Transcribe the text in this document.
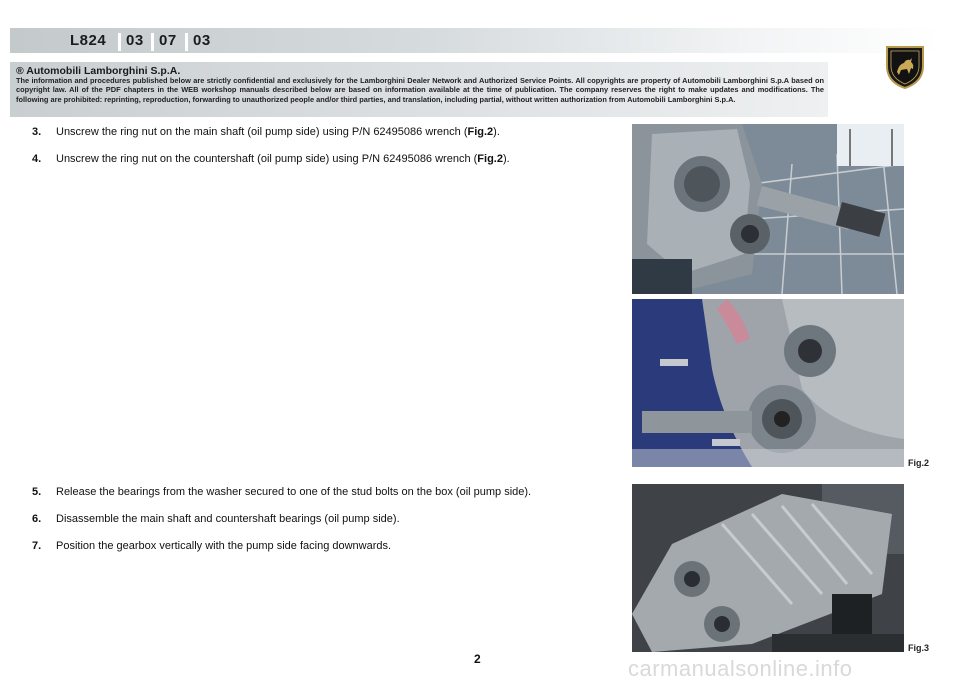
L824 03 07 03
® Automobili Lamborghini S.p.A.
The information and procedures published below are strictly confidential and exclusively for the Lamborghini Dealer Network and Authorized Service Points. All copyrights are property of Automobili Lamborghini S.p.A based on copyright law. All of the PDF chapters in the WEB workshop manuals described below are based on information available at the time of publication. The company reserves the right to make updates and modifications. The following are prohibited: reprinting, reproduction, forwarding to unauthorized people and/or third parties, and translation, including partial, without written authorization from Automobili Lamborghini S.p.A.
3. Unscrew the ring nut on the main shaft (oil pump side) using P/N 62495086 wrench (Fig.2).
4. Unscrew the ring nut on the countershaft (oil pump side) using P/N 62495086 wrench (Fig.2).
5. Release the bearings from the washer secured to one of the stud bolts on the box (oil pump side).
6. Disassemble the main shaft and countershaft bearings (oil pump side).
7. Position the gearbox vertically with the pump side facing downwards.
Fig.2
Fig.3
2	carmanualsonline.info
